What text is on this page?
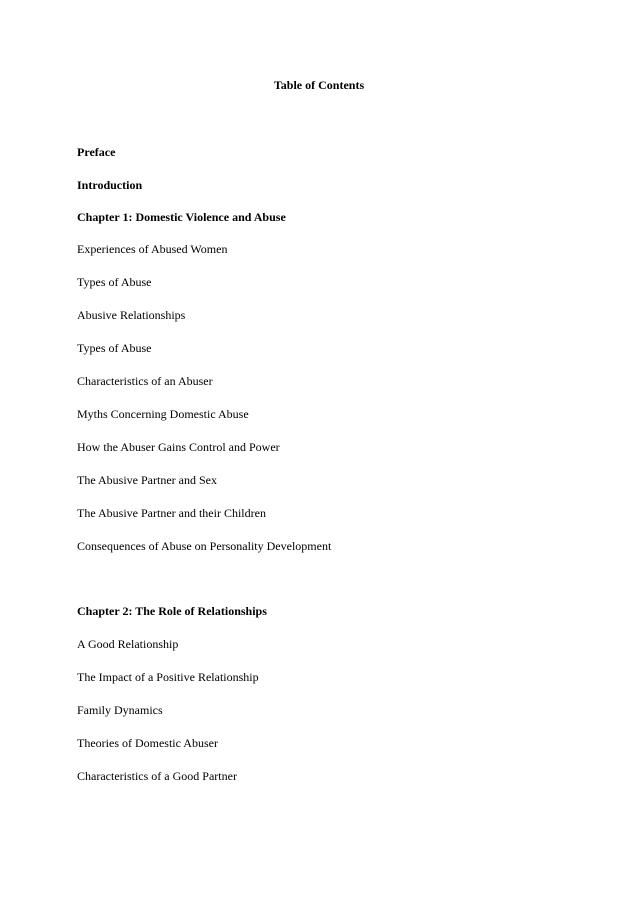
Table of Contents
Preface
Introduction
Chapter 1: Domestic Violence and Abuse
Experiences of Abused Women
Types of Abuse
Abusive Relationships
Types of Abuse
Characteristics of an Abuser
Myths Concerning Domestic Abuse
How the Abuser Gains Control and Power
The Abusive Partner and Sex
The Abusive Partner and their Children
Consequences of Abuse on Personality Development
Chapter 2: The Role of Relationships
A Good Relationship
The Impact of a Positive Relationship
Family Dynamics
Theories of Domestic Abuser
Characteristics of a Good Partner
